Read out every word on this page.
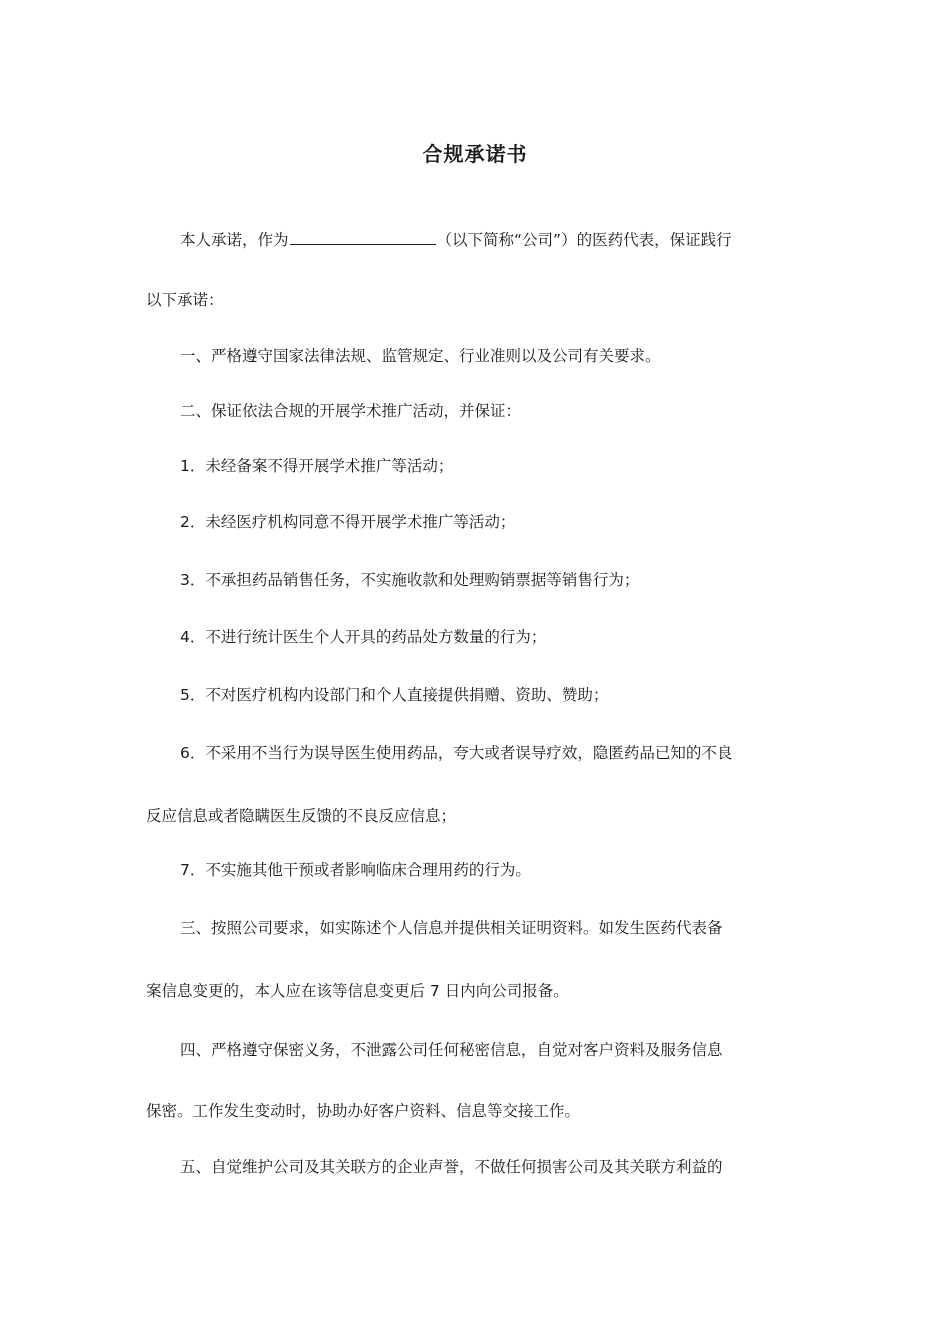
合规承诺书
本人承诺，作为	（以下简称“公司”）的医药代表，保证践行
以下承诺：
一、严格遵守国家法律法规、监管规定、行业准则以及公司有关要求。
二、保证依法合规的开展学术推广活动，并保证：
1．未经备案不得开展学术推广等活动；
2．未经医疗机构同意不得开展学术推广等活动；
3．不承担药品销售任务，不实施收款和处理购销票据等销售行为；
4．不进行统计医生个人开具的药品处方数量的行为；
5．不对医疗机构内设部门和个人直接提供捐赠、资助、赞助；
6．不采用不当行为误导医生使用药品，夸大或者误导疗效，隐匿药品已知的不良
反应信息或者隐瞒医生反馈的不良反应信息；
7．不实施其他干预或者影响临床合理用药的行为。
三、按照公司要求，如实陈述个人信息并提供相关证明资料。如发生医药代表备
案信息变更的，本人应在该等信息变更后 7 日内向公司报备。
四、严格遵守保密义务，不泄露公司任何秘密信息，自觉对客户资料及服务信息
保密。工作发生变动时，协助办好客户资料、信息等交接工作。
五、自觉维护公司及其关联方的企业声誉，不做任何损害公司及其关联方利益的
